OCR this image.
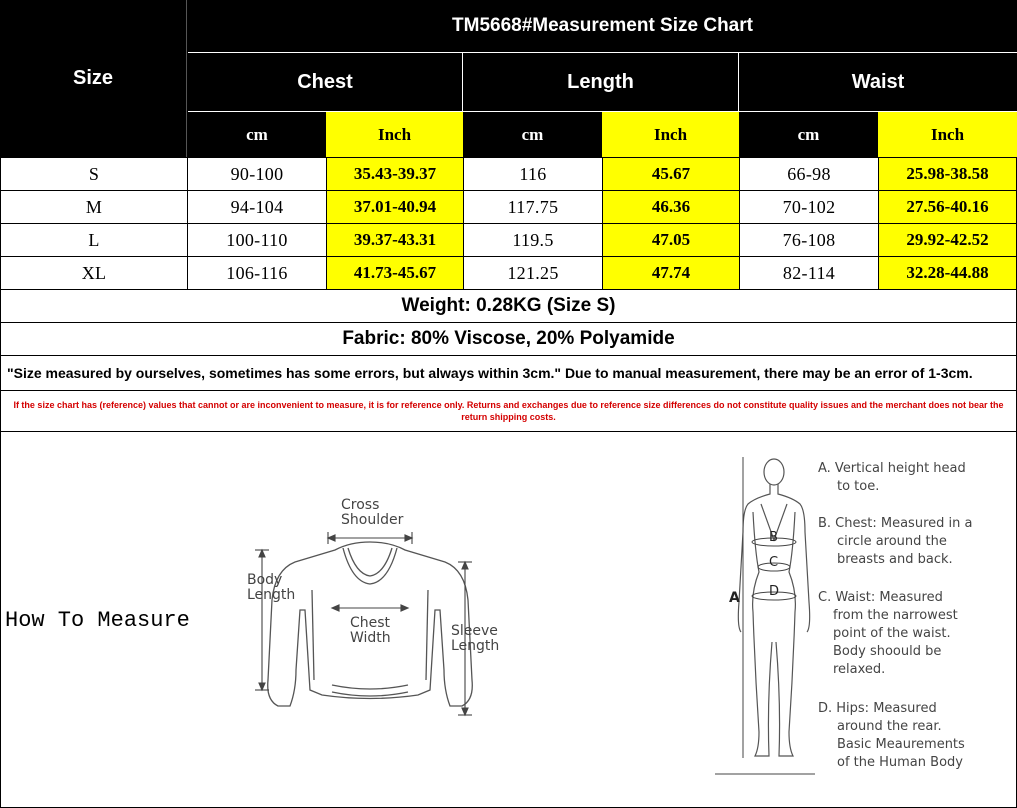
Size
TM5668#Measurement Size Chart
Chest	Length	Waist
cm	Inch	cm	Inch	cm	Inch
S	90-100	35.43-39.37	116	45.67	66-98	25.98-38.58
M	94-104	37.01-40.94	117.75	46.36	70-102	27.56-40.16
L	100-110	39.37-43.31	119.5	47.05	76-108	29.92-42.52
XL	106-116	41.73-45.67	121.25	47.74	82-114	32.28-44.88
Weight: 0.28KG (Size S)
Fabric: 80% Viscose, 20% Polyamide
"Size measured by ourselves, sometimes has some errors, but always within 3cm." Due to manual measurement, there may be an error of 1-3cm.
If the size chart has (reference) values that cannot or are inconvenient to measure, it is for reference only. Returns and exchanges due to reference size differences do not constitute quality issues and the merchant does not bear the return shipping costs.
How To Measure
Cross
Shoulder
Body
Length
Chest
Width	Sleeve
Length
A
B
C
D
A. Vertical height head
to toe.
B. Chest: Measured in a
circle around the
breasts and back.
C. Waist: Measured
from the narrowest
point of the waist.
Body shoould be
relaxed.
D. Hips: Measured
around the rear.
Basic Meaurements
of the Human Body
